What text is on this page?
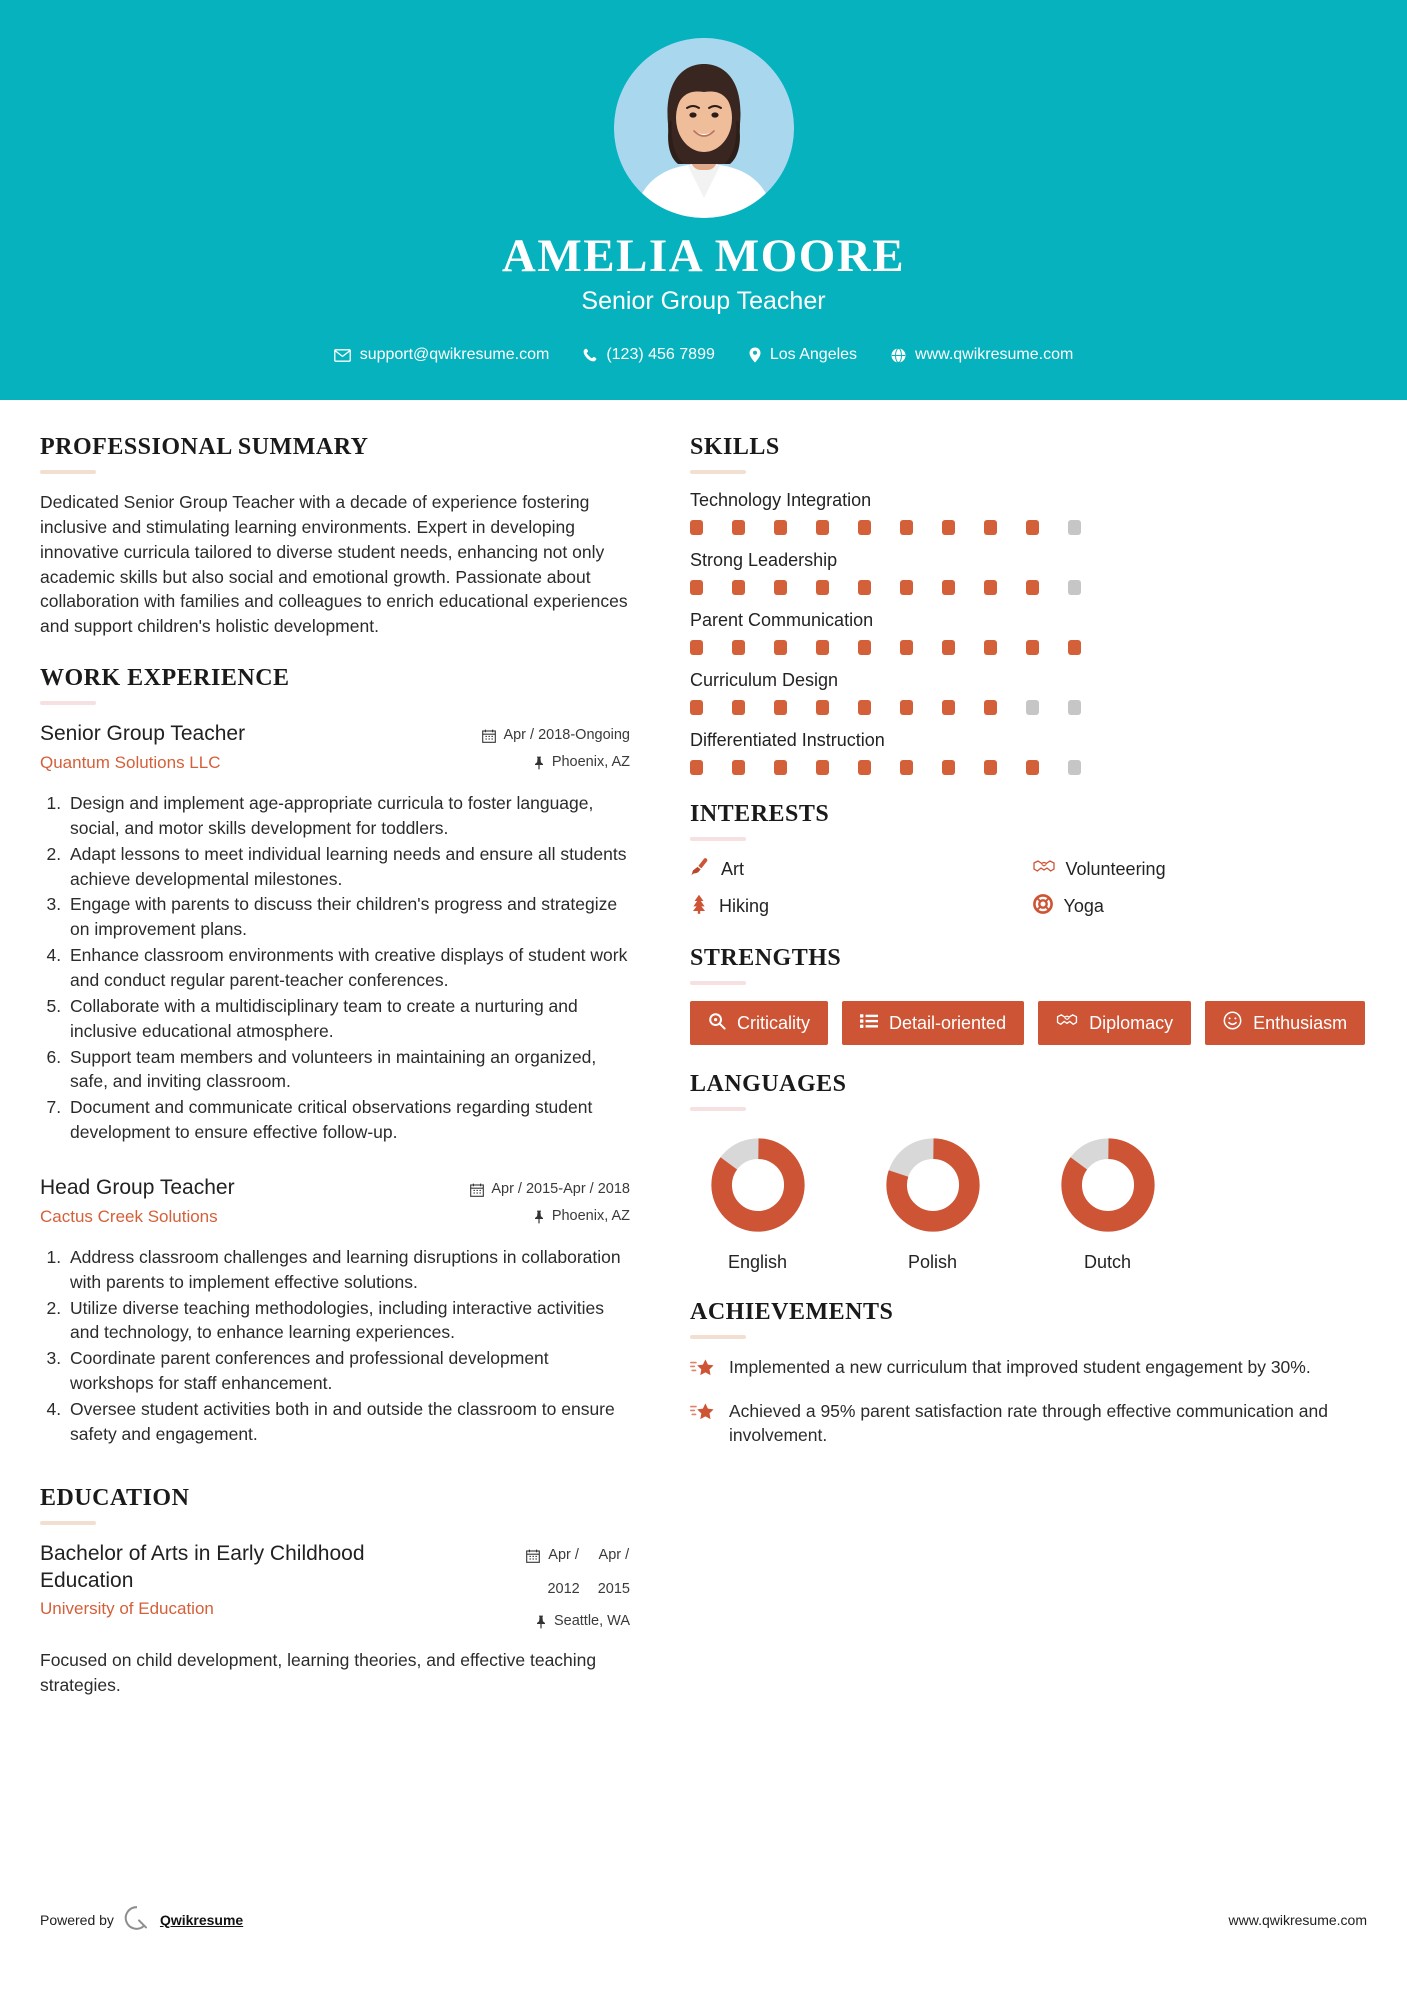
AMELIA MOORE
Senior Group Teacher
support@qwikresume.com	(123) 456 7899	Los Angeles	www.qwikresume.com
PROFESSIONAL SUMMARY

Dedicated Senior Group Teacher with a decade of experience fostering inclusive and stimulating learning environments. Expert in developing innovative curricula tailored to diverse student needs, enhancing not only academic skills but also social and emotional growth. Passionate about collaboration with families and colleagues to enrich educational experiences and support children's holistic development.

WORK EXPERIENCE
Senior Group Teacher
Quantum Solutions LLC
Apr / 2018-Ongoing
Phoenix, AZ
1. Design and implement age-appropriate curricula to foster language, social, and motor skills development for toddlers.
2. Adapt lessons to meet individual learning needs and ensure all students achieve developmental milestones.
3. Engage with parents to discuss their children's progress and strategize on improvement plans.
4. Enhance classroom environments with creative displays of student work and conduct regular parent-teacher conferences.
5. Collaborate with a multidisciplinary team to create a nurturing and inclusive educational atmosphere.
6. Support team members and volunteers in maintaining an organized, safe, and inviting classroom.
7. Document and communicate critical observations regarding student development to ensure effective follow-up.
Head Group Teacher
Cactus Creek Solutions
Apr / 2015-Apr / 2018
Phoenix, AZ
1. Address classroom challenges and learning disruptions in collaboration with parents to implement effective solutions.
2. Utilize diverse teaching methodologies, including interactive activities and technology, to enhance learning experiences.
3. Coordinate parent conferences and professional development workshops for staff enhancement.
4. Oversee student activities both in and outside the classroom to ensure safety and engagement.
EDUCATION
Bachelor of Arts in Early Childhood Education
University of Education
Apr /

2012
Apr /

2015
Seattle, WA

Focused on child development, learning theories, and effective teaching strategies.

SKILLS
Technology Integration
Strong Leadership
Parent Communication
Curriculum Design
Differentiated Instruction
INTERESTS
Art	Volunteering
Hiking	Yoga
STRENGTHS
Criticality	Detail-oriented	Diplomacy	Enthusiasm
LANGUAGES
English	Polish	Dutch
ACHIEVEMENTS
Implemented a new curriculum that improved student engagement by 30%.
Achieved a 95% parent satisfaction rate through effective communication and involvement.
Powered by	Qwikresume	www.qwikresume.com
